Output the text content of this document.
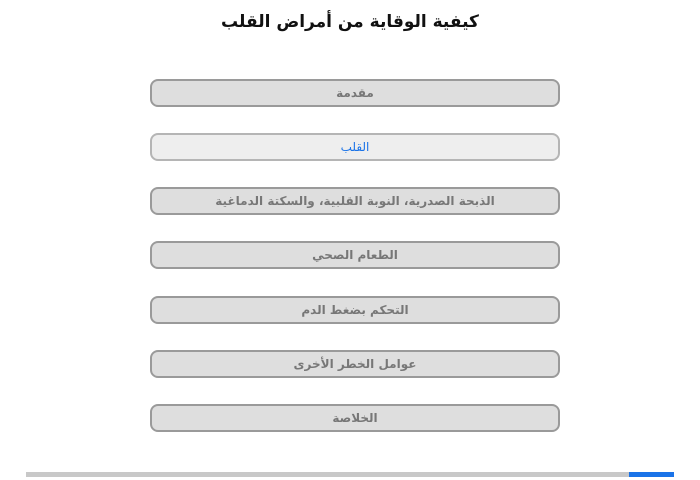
كيفية الوقاية من أمراض القلب
مقدمة
القلب
الذبحة الصدرية، النوبة القلبية، والسكتة الدماغية
الطعام الصحي
التحكم بضغط الدم
عوامل الخطر الأخرى
الخلاصة
